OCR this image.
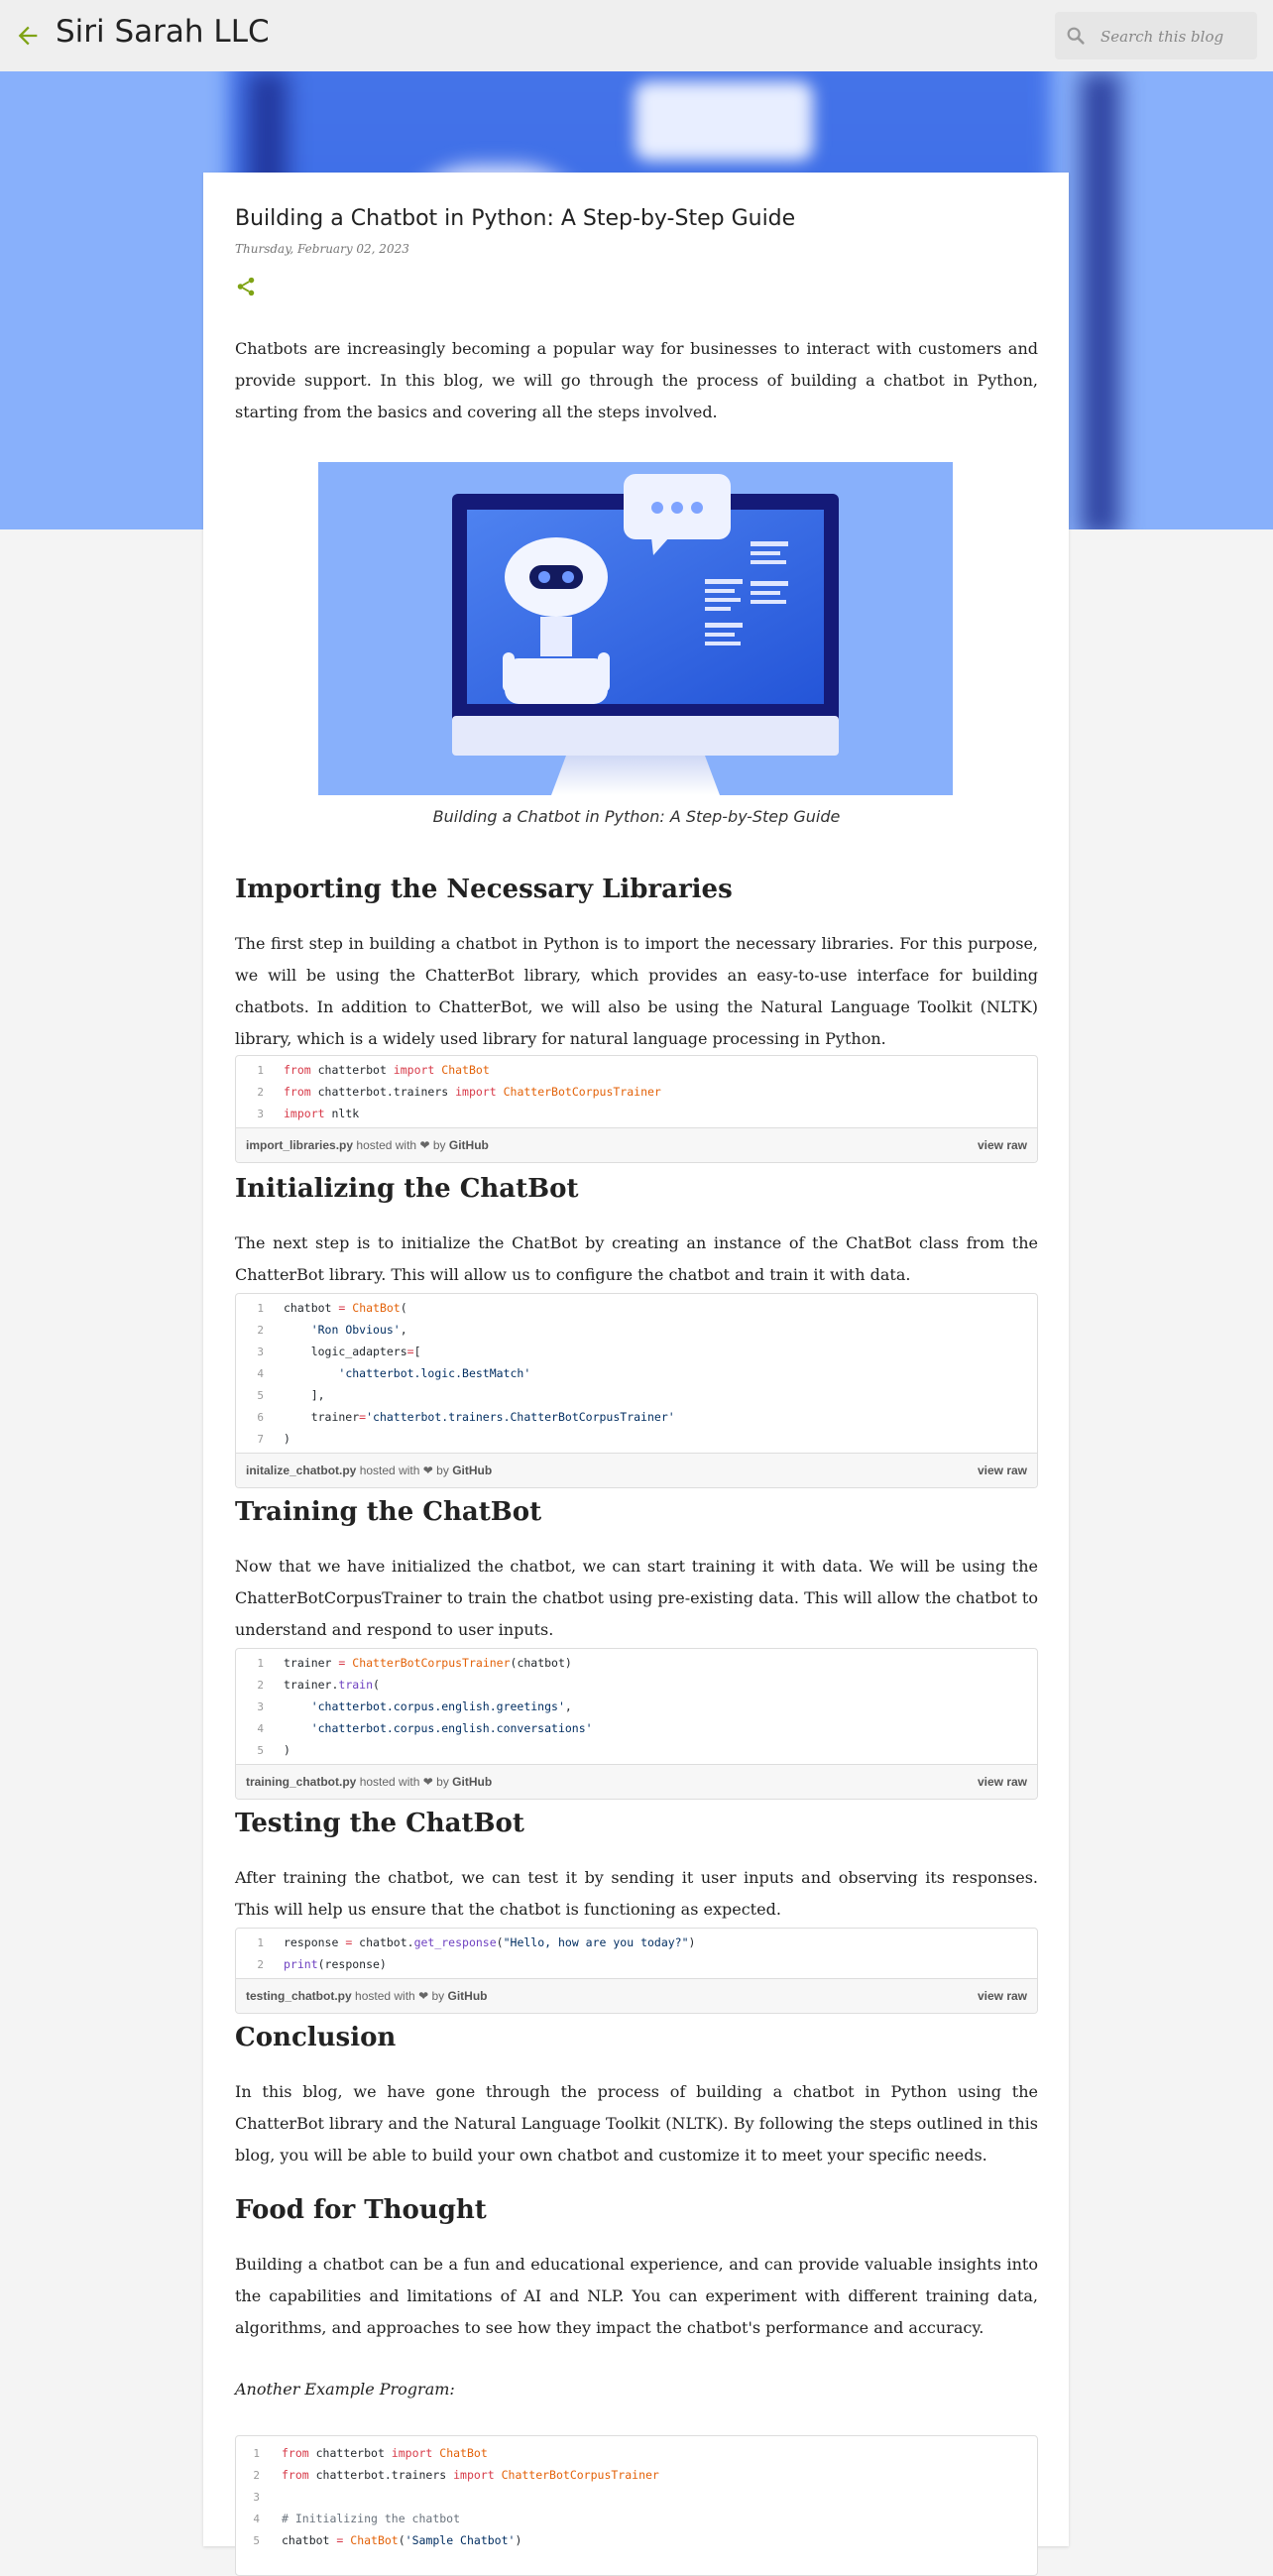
Siri Sarah LLC
Search this blog
Building a Chatbot in Python: A Step-by-Step Guide
Thursday, February 02, 2023

Chatbots are increasingly becoming a popular way for businesses to interact with customers and provide support. In this blog, we will go through the process of building a chatbot in Python, starting from the basics and covering all the steps involved.

Building a Chatbot in Python: A Step-by-Step Guide
Importing the Necessary Libraries

The first step in building a chatbot in Python is to import the necessary libraries. For this purpose, we will be using the ChatterBot library, which provides an easy-to-use interface for building chatbots. In addition to ChatterBot, we will also be using the Natural Language Toolkit (NLTK) library, which is a widely used library for natural language processing in Python.

1	from chatterbot import ChatBot
2	from chatterbot.trainers import ChatterBotCorpusTrainer
3	import nltk
import_libraries.py
hosted with
❤
by
GitHub	view raw
Initializing the ChatBot

The next step is to initialize the ChatBot by creating an instance of the ChatBot class from the ChatterBot library. This will allow us to configure the chatbot and train it with data.

1	chatbot = ChatBot(
2	'Ron Obvious',
3	logic_adapters=[
4	'chatterbot.logic.BestMatch'
5	],
6	trainer='chatterbot.trainers.ChatterBotCorpusTrainer'
7	)
initalize_chatbot.py
hosted with
❤
by
GitHub	view raw
Training the ChatBot

Now that we have initialized the chatbot, we can start training it with data. We will be using the ChatterBotCorpusTrainer to train the chatbot using pre-existing data. This will allow the chatbot to understand and respond to user inputs.

1	trainer = ChatterBotCorpusTrainer(chatbot)
2	trainer.train(
3	'chatterbot.corpus.english.greetings',
4	'chatterbot.corpus.english.conversations'
5	)
training_chatbot.py
hosted with
❤
by
GitHub	view raw
Testing the ChatBot

After training the chatbot, we can test it by sending it user inputs and observing its responses. This will help us ensure that the chatbot is functioning as expected.

1	response = chatbot.get_response("Hello, how are you today?")
2	print(response)
testing_chatbot.py
hosted with
❤
by
GitHub	view raw
Conclusion

In this blog, we have gone through the process of building a chatbot in Python using the ChatterBot library and the Natural Language Toolkit (NLTK). By following the steps outlined in this blog, you will be able to build your own chatbot and customize it to meet your specific needs.

Food for Thought

Building a chatbot can be a fun and educational experience, and can provide valuable insights into the capabilities and limitations of AI and NLP. You can experiment with different training data, algorithms, and approaches to see how they impact the chatbot's performance and accuracy.

Another Example Program:
1	from chatterbot import ChatBot
2	from chatterbot.trainers import ChatterBotCorpusTrainer
3
4	# Initializing the chatbot
5	chatbot = ChatBot('Sample Chatbot')
